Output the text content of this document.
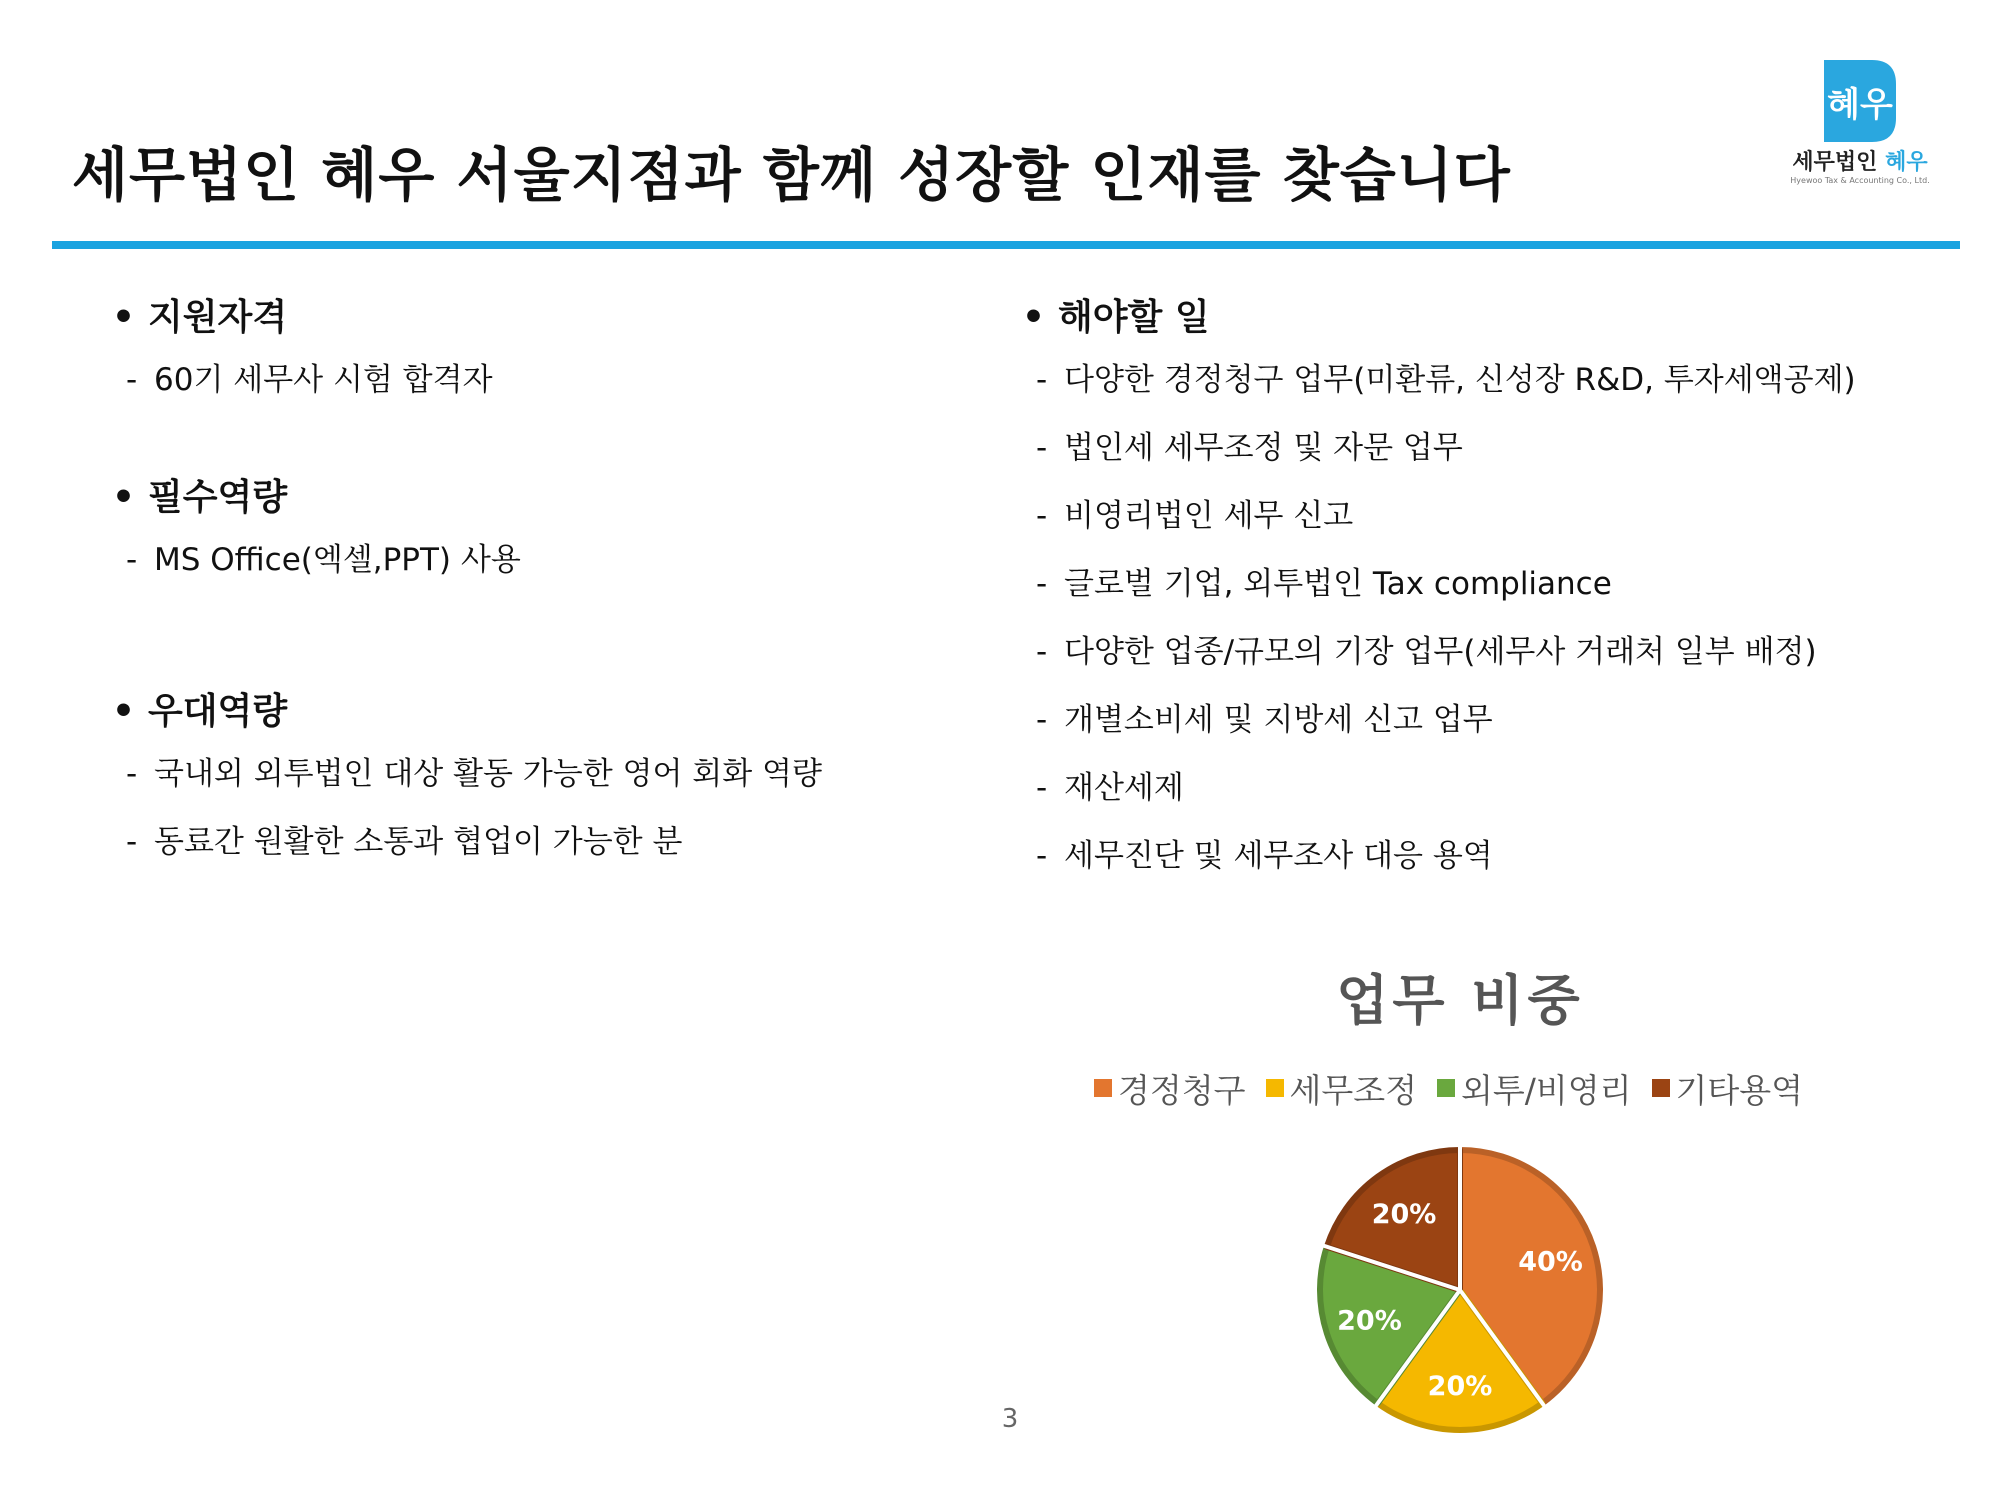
세무법인 혜우 서울지점과 함께 성장할 인재를 찾습니다
혜우
세무법인 혜우
Hyewoo Tax & Accounting Co., Ltd.
• 지원자격
- 60기 세무사 시험 합격자
• 필수역량
- MS Office(엑셀,PPT) 사용
• 우대역량
- 국내외 외투법인 대상 활동 가능한 영어 회화 역량
- 동료간 원활한 소통과 협업이 가능한 분
• 해야할 일
- 다양한 경정청구 업무(미환류, 신성장 R&D, 투자세액공제)
- 법인세 세무조정 및 자문 업무
- 비영리법인 세무 신고
- 글로벌 기업, 외투법인 Tax compliance
- 다양한 업종/규모의 기장 업무(세무사 거래처 일부 배정)
- 개별소비세 및 지방세 신고 업무
- 재산세제
- 세무진단 및 세무조사 대응 용역
업무 비중
경정청구 세무조정 외투/비영리 기타용역
40%
20%
20%
20%
3
